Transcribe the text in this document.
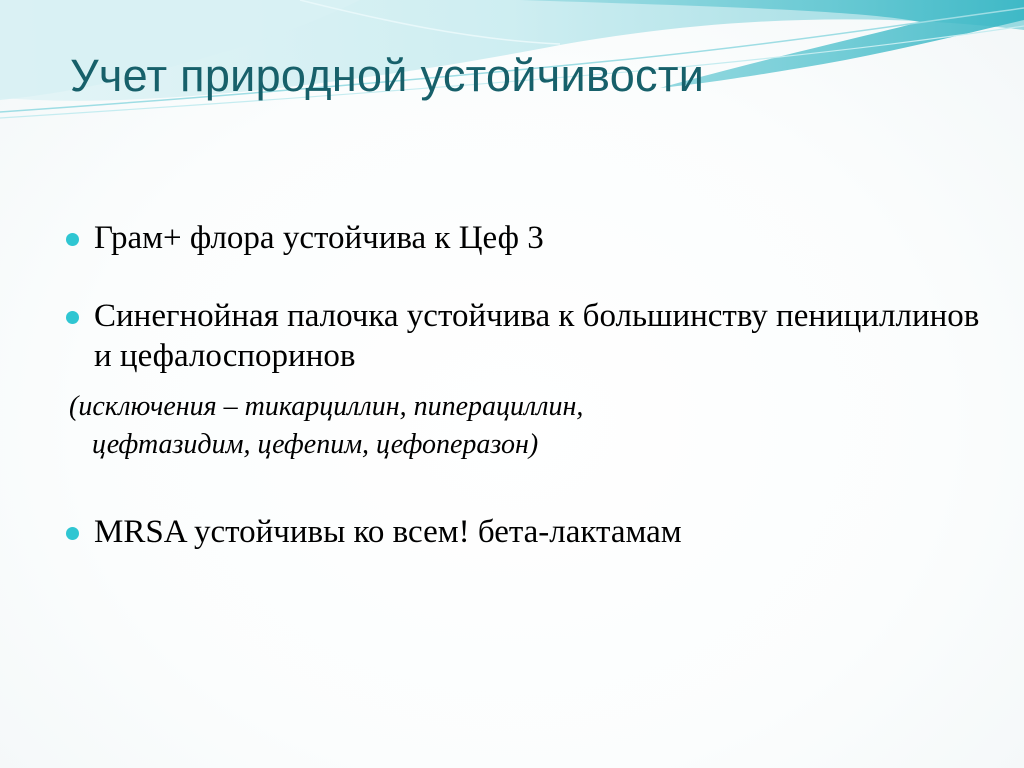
Учет природной устойчивости
Грам+ флора устойчива к Цеф 3
Синегнойная палочка устойчива к большинству пенициллинов и цефалоспоринов
(исключения – тикарциллин, пиперациллин,
цефтазидим, цефепим, цефоперазон)
MRSA устойчивы ко всем! бета-лактамам
